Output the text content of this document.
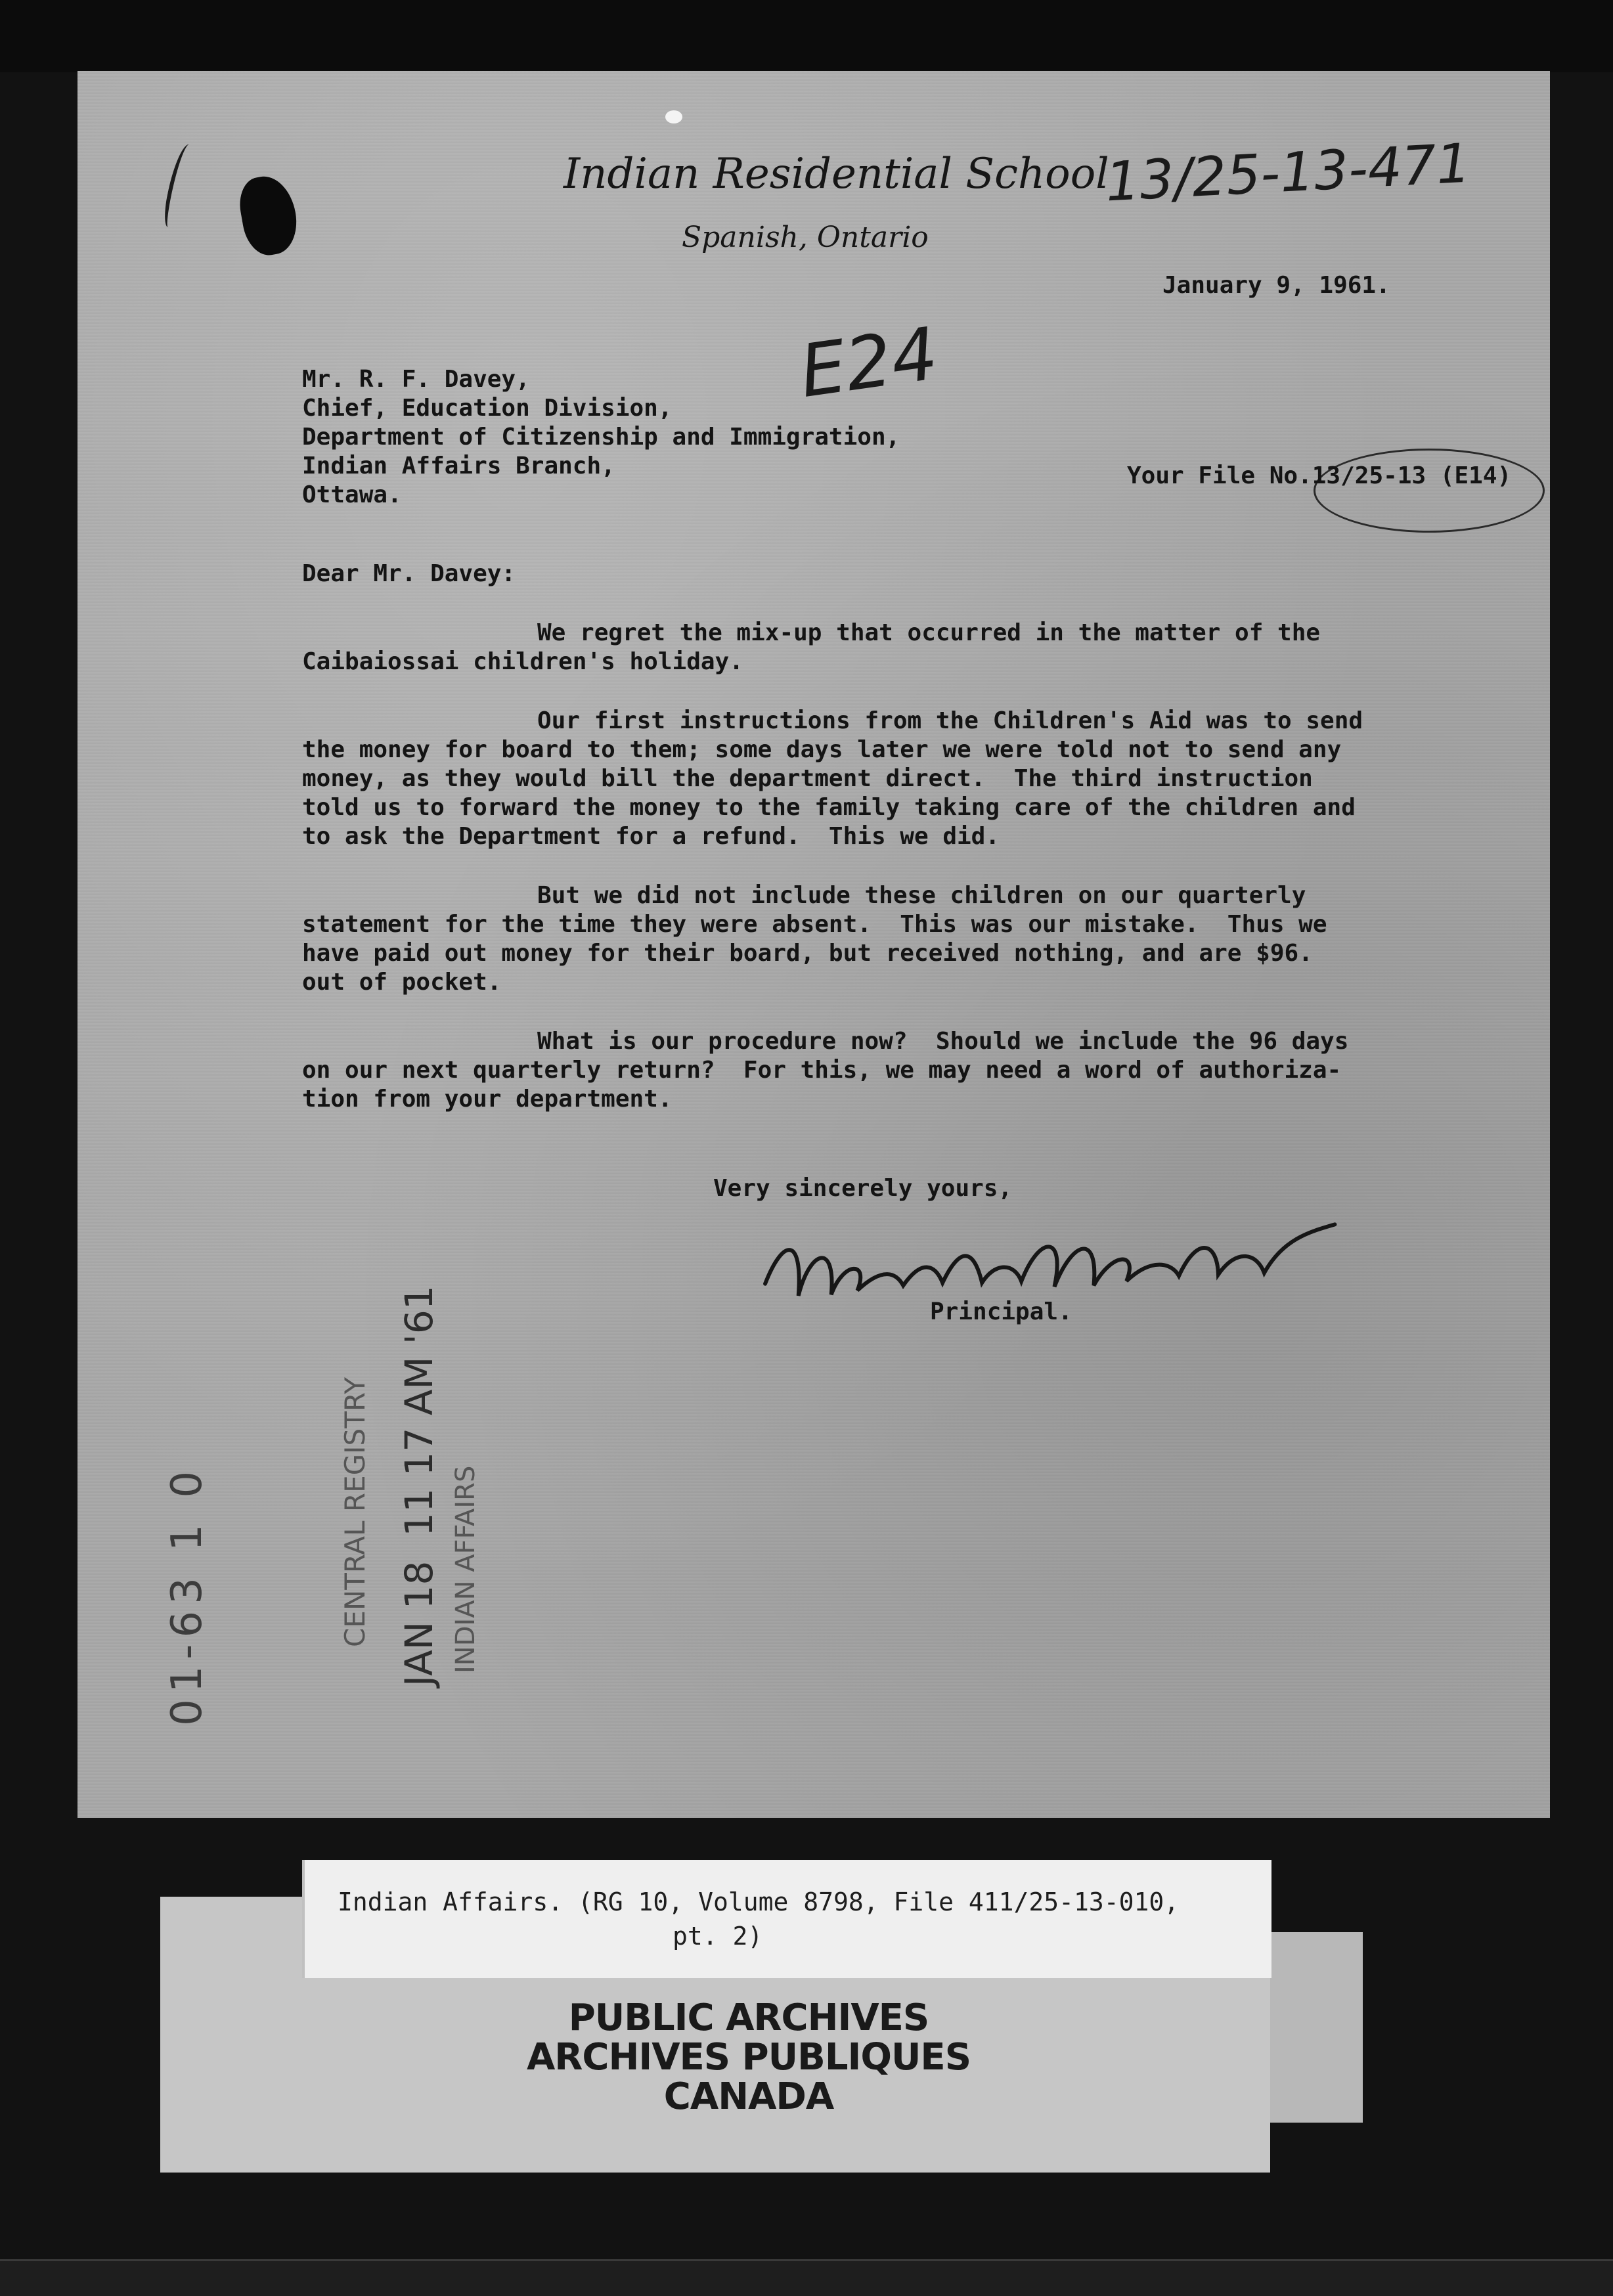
Indian Residential School
Spanish, Ontario
13/25-13-471
E24
January 9, 1961.
Mr. R. F. Davey,
Chief, Education Division,
Department of Citizenship and Immigration,
Indian Affairs Branch,
Ottawa.
Your File No.13/25-13 (E14)
Dear Mr. Davey:
We regret the mix-up that occurred in the matter of the
Caibaiossai children's holiday.
Our first instructions from the Children's Aid was to send
the money for board to them; some days later we were told not to send any
money, as they would bill the department direct.  The third instruction
told us to forward the money to the family taking care of the children and
to ask the Department for a refund.  This we did.
But we did not include these children on our quarterly
statement for the time they were absent.  This was our mistake.  Thus we
have paid out money for their board, but received nothing, and are $96.
out of pocket.
What is our procedure now?  Should we include the 96 days
on our next quarterly return?  For this, we may need a word of authoriza-
tion from your department.
Very sincerely yours,

Principal.
01-63 1 0	CENTRAL REGISTRY JAN 18  11 17 AM '61 INDIAN AFFAIRS
Indian Affairs. (RG 10, Volume 8798, File 411/25-13-010,
pt. 2)
PUBLIC ARCHIVES
ARCHIVES PUBLIQUES
CANADA
